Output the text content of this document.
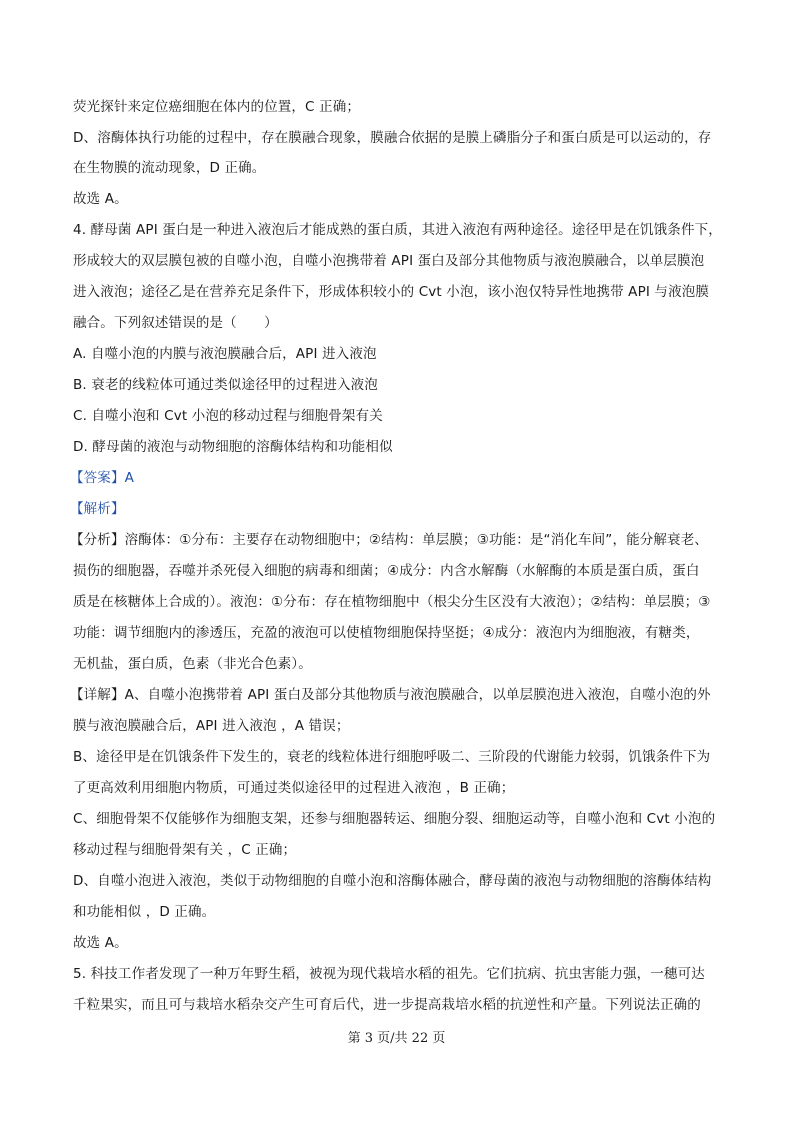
荧光探针来定位癌细胞在体内的位置，C 正确；
D、溶酶体执行功能的过程中，存在膜融合现象，膜融合依据的是膜上磷脂分子和蛋白质是可以运动的，存
在生物膜的流动现象，D 正确。
故选 A。
4. 酵母菌 API 蛋白是一种进入液泡后才能成熟的蛋白质，其进入液泡有两种途径。途径甲是在饥饿条件下，
形成较大的双层膜包被的自噬小泡，自噬小泡携带着 API 蛋白及部分其他物质与液泡膜融合，以单层膜泡
进入液泡；途径乙是在营养充足条件下，形成体积较小的 Cvt 小泡，该小泡仅特异性地携带 API 与液泡膜
融合。下列叙述错误的是（　　）
A. 自噬小泡的内膜与液泡膜融合后，API 进入液泡
B. 衰老的线粒体可通过类似途径甲的过程进入液泡
C. 自噬小泡和 Cvt 小泡的移动过程与细胞骨架有关
D. 酵母菌的液泡与动物细胞的溶酶体结构和功能相似
【答案】A
【解析】
【分析】溶酶体：①分布：主要存在动物细胞中；②结构：单层膜；③功能：是“消化车间”，能分解衰老、
损伤的细胞器，吞噬并杀死侵入细胞的病毒和细菌；④成分：内含水解酶（水解酶的本质是蛋白质，蛋白
质是在核糖体上合成的）。液泡：①分布：存在植物细胞中（根尖分生区没有大液泡）；②结构：单层膜；③
功能：调节细胞内的渗透压，充盈的液泡可以使植物细胞保持坚挺；④成分：液泡内为细胞液，有糖类，
无机盐，蛋白质，色素（非光合色素）。
【详解】A、自噬小泡携带着 API 蛋白及部分其他物质与液泡膜融合，以单层膜泡进入液泡，自噬小泡的外
膜与液泡膜融合后，API 进入液泡 ，A 错误；
B、途径甲是在饥饿条件下发生的，衰老的线粒体进行细胞呼吸二、三阶段的代谢能力较弱，饥饿条件下为
了更高效利用细胞内物质，可通过类似途径甲的过程进入液泡 ，B 正确；
C、细胞骨架不仅能够作为细胞支架，还参与细胞器转运、细胞分裂、细胞运动等，自噬小泡和 Cvt 小泡的
移动过程与细胞骨架有关 ，C 正确；
D、自噬小泡进入液泡，类似于动物细胞的自噬小泡和溶酶体融合，酵母菌的液泡与动物细胞的溶酶体结构
和功能相似 ，D 正确。
故选 A。
5. 科技工作者发现了一种万年野生稻，被视为现代栽培水稻的祖先。它们抗病、抗虫害能力强，一穗可达
千粒果实，而且可与栽培水稻杂交产生可育后代，进一步提高栽培水稻的抗逆性和产量。下列说法正确的
第 3 页/共 22 页
